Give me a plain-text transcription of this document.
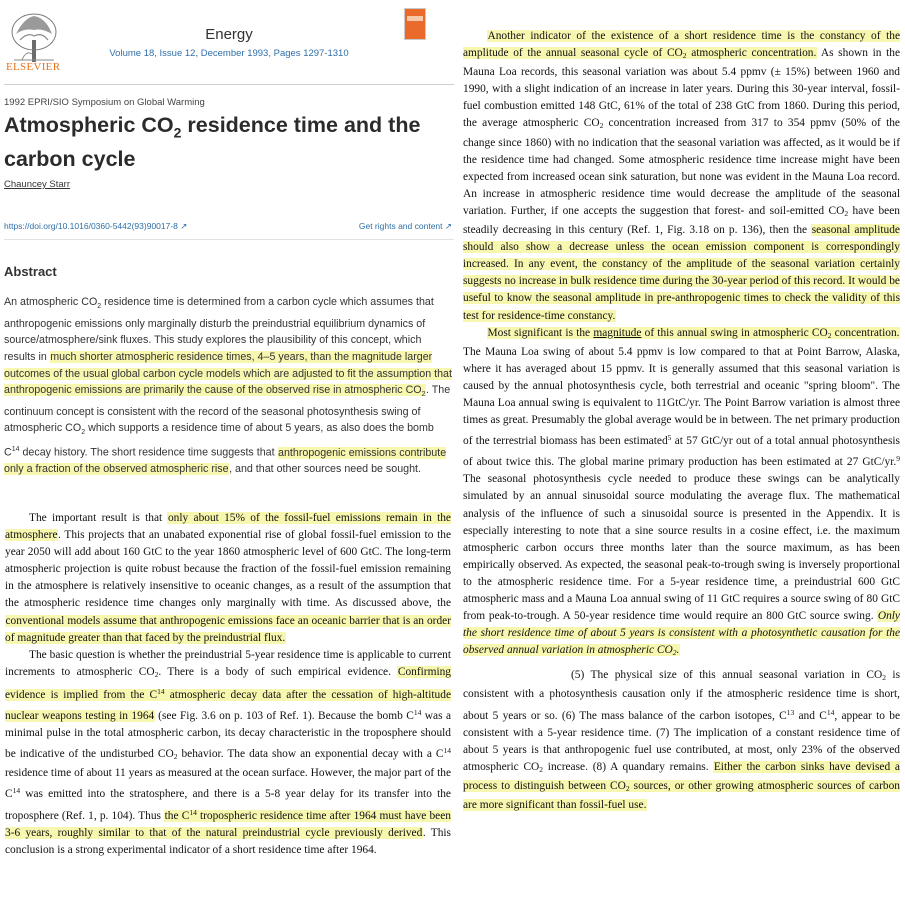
ELSEVIER
Energy
Volume 18, Issue 12, December 1993, Pages 1297-1310
1992 EPRI/SIO Symposium on Global Warming
Atmospheric $CO_2$ residence time and the carbon cycle
Chauncey Starr
https://doi.org/10.1016/0360-5442(93)90017-8 ↗	Get rights and content ↗
Abstract
An atmospheric $CO_2$ residence time is determined from a carbon cycle which assumes that anthropogenic emissions only marginally disturb the preindustrial equilibrium dynamics of source/atmosphere/sink fluxes. This study explores the plausibility of this concept, which results in much shorter atmospheric residence times, 4–5 years, than the magnitude larger outcomes of the usual global carbon cycle models which are adjusted to fit the assumption that anthropogenic emissions are primarily the cause of the observed rise in atmospheric $CO_2$. The continuum concept is consistent with the record of the seasonal photosynthesis swing of atmospheric $CO_2$ which supports a residence time of about 5 years, as also does the bomb $C^{14}$ decay history. The short residence time suggests that anthropogenic emissions contribute only a fraction of the observed atmospheric rise, and that other sources need be sought.

The important result is that only about 15% of the fossil-fuel emissions remain in the atmosphere. This projects that an unabated exponential rise of global fossil-fuel emission to the year 2050 will add about 160 GtC to the year 1860 atmospheric level of 600 GtC. The long-term atmospheric projection is quite robust because the fraction of the fossil-fuel emission remaining in the atmosphere is relatively insensitive to oceanic changes, as a result of the assumption that the atmospheric residence time changes only marginally with time. As discussed above, the conventional models assume that anthropogenic emissions face an oceanic barrier that is an order of magnitude greater than that faced by the preindustrial flux.

The basic question is whether the preindustrial 5-year residence time is applicable to current increments to atmospheric $CO_2$. There is a body of such empirical evidence. Confirming evidence is implied from the $C^{14}$ atmospheric decay data after the cessation of high-altitude nuclear weapons testing in 1964 (see Fig. 3.6 on p. 103 of Ref. 1). Because the bomb $C^{14}$ was a minimal pulse in the total atmospheric carbon, its decay characteristic in the troposphere should be indicative of the undisturbed $CO_2$ behavior. The data show an exponential decay with a $C^{14}$ residence time of about 11 years as measured at the ocean surface. However, the major part of the $C^{14}$ was emitted into the stratosphere, and there is a 5-8 year delay for its transfer into the troposphere (Ref. 1, p. 104). Thus the $C^{14}$ tropospheric residence time after 1964 must have been 3-6 years, roughly similar to that of the natural preindustrial cycle previously derived. This conclusion is a strong experimental indicator of a short residence time after 1964.

Another indicator of the existence of a short residence time is the constancy of the amplitude of the annual seasonal cycle of $CO_2$ atmospheric concentration. As shown in the Mauna Loa records, this seasonal variation was about 5.4 ppmv (± 15%) between 1960 and 1990, with a slight indication of an increase in later years. During this 30-year interval, fossil-fuel combustion emitted 148 GtC, 61% of the total of 238 GtC from 1860. During this period, the average atmospheric $CO_2$ concentration increased from 317 to 354 ppmv (50% of the change since 1860) with no indication that the seasonal variation was affected, as it would be if the residence time had changed. Some atmospheric residence time increase might have been expected from increased ocean sink saturation, but none was evident in the Mauna Loa record. An increase in atmospheric residence time would decrease the amplitude of the seasonal variation. Further, if one accepts the suggestion that forest- and soil-emitted $CO_2$ have been steadily decreasing in this century (Ref. 1, Fig. 3.18 on p. 136), then the seasonal amplitude should also show a decrease unless the ocean emission component is correspondingly increased. In any event, the constancy of the amplitude of the seasonal variation certainly suggests no increase in bulk residence time during the 30-year period of this record. It would be useful to know the seasonal amplitude in pre-anthropogenic times to check the validity of this test for residence-time constancy.

Most significant is the magnitude of this annual swing in atmospheric $CO_2$ concentration. The Mauna Loa swing of about 5.4 ppmv is low compared to that at Point Barrow, Alaska, where it has averaged about 15 ppmv. It is generally assumed that this seasonal variation is caused by the annual photosynthesis cycle, both terrestrial and oceanic "spring bloom". The Mauna Loa annual swing is equivalent to 11GtC/yr. The Point Barrow variation is almost three times as great. Presumably the global average would be in between. The net primary production of the terrestrial biomass has been estimated$^5$ at 57 GtC/yr out of a total annual photosynthesis of about twice this. The global marine primary production has been estimated at 27 GtC/yr.$^9$ The seasonal photosynthesis cycle needed to produce these swings can be analytically simulated by an annual sinusoidal source modulating the average flux. The mathematical analysis of the influence of such a sinusoidal source is presented in the Appendix. It is especially interesting to note that a sine source results in a cosine effect, i.e. the maximum atmospheric carbon occurs three months later than the source maximum, as has been empirically observed. As expected, the seasonal peak-to-trough swing is inversely proportional to the atmospheric residence time. For a 5-year residence time, a preindustrial 600 GtC atmospheric mass and a Mauna Loa annual swing of 11 GtC requires a source swing of 80 GtC from peak-to-trough. A 50-year residence time would require an 800 GtC source swing. Only the short residence time of about 5 years is consistent with a photosynthetic causation for the observed annual variation in atmospheric $CO_2$.

(5) The physical size of this annual seasonal variation in $CO_2$ is consistent with a photosynthesis causation only if the atmospheric residence time is short, about 5 years or so. (6) The mass balance of the carbon isotopes, $C^{13}$ and $C^{14}$, appear to be consistent with a 5-year residence time. (7) The implication of a constant residence time of about 5 years is that anthropogenic fuel use contributed, at most, only 23% of the observed atmospheric $CO_2$ increase. (8) A quandary remains. Either the carbon sinks have devised a process to distinguish between $CO_2$ sources, or other growing atmospheric sources of carbon are more significant than fossil-fuel use.
